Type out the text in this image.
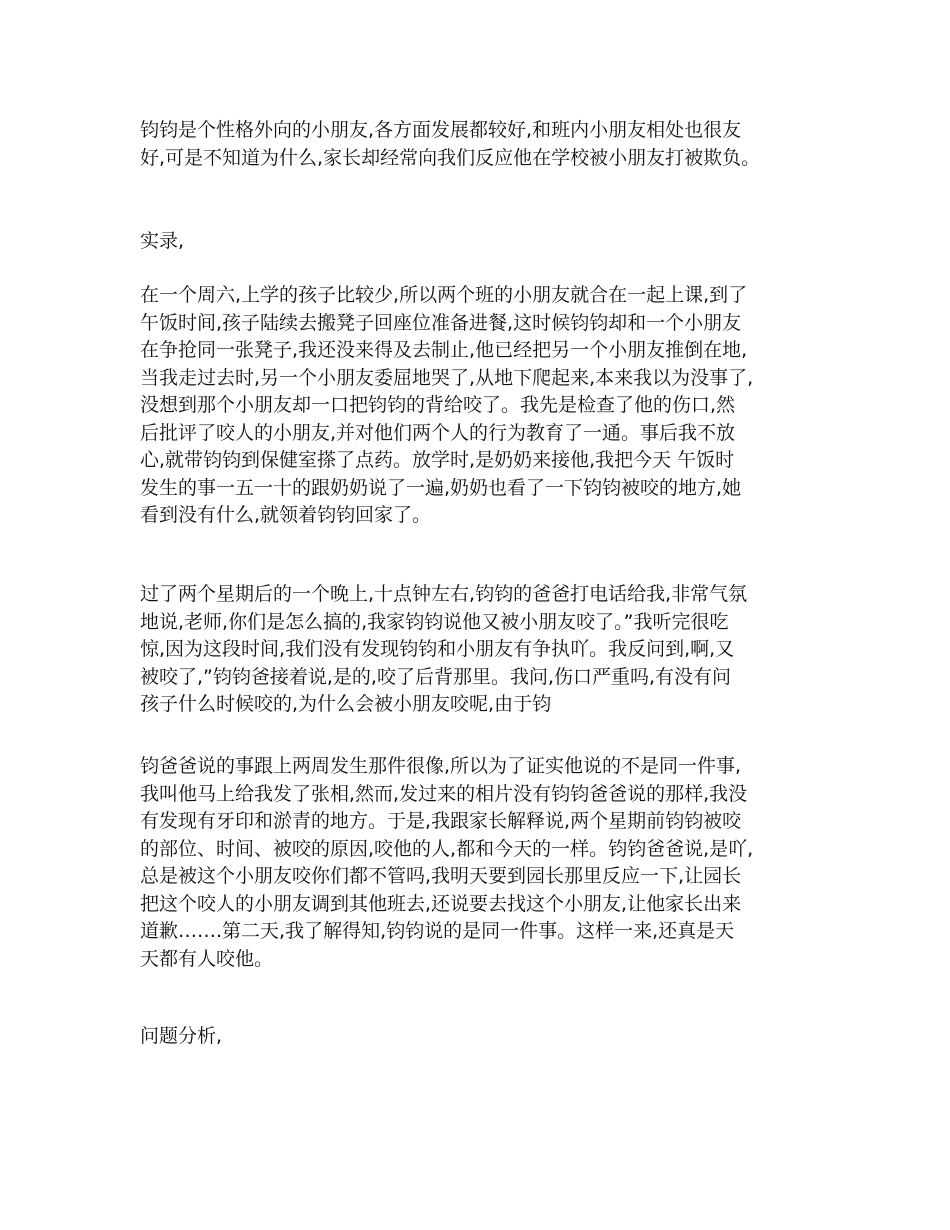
钧钧是个性格外向的小朋友,各方面发展都较好,和班内小朋友相处也很友
好,可是不知道为什么,家长却经常向我们反应他在学校被小朋友打被欺负。

实录,

在一个周六,上学的孩子比较少,所以两个班的小朋友就合在一起上课,到了
午饭时间,孩子陆续去搬凳子回座位准备进餐,这时候钧钧却和一个小朋友
在争抢同一张凳子,我还没来得及去制止,他已经把另一个小朋友推倒在地,
当我走过去时,另一个小朋友委屈地哭了,从地下爬起来,本来我以为没事了,
没想到那个小朋友却一口把钧钧的背给咬了。我先是检查了他的伤口,然
后批评了咬人的小朋友,并对他们两个人的行为教育了一通。事后我不放
心,就带钧钧到保健室搽了点药。放学时,是奶奶来接他,我把今天 午饭时
发生的事一五一十的跟奶奶说了一遍,奶奶也看了一下钧钧被咬的地方,她
看到没有什么,就领着钧钧回家了。

过了两个星期后的一个晚上,十点钟左右,钧钧的爸爸打电话给我,非常气氛
地说,老师,你们是怎么搞的,我家钧钧说他又被小朋友咬了。”我听完很吃
惊,因为这段时间,我们没有发现钧钧和小朋友有争执吖。我反问到,啊,又
被咬了,”钧钧爸接着说,是的,咬了后背那里。我问,伤口严重吗,有没有问
孩子什么时候咬的,为什么会被小朋友咬呢,由于钧

钧爸爸说的事跟上两周发生那件很像,所以为了证实他说的不是同一件事,
我叫他马上给我发了张相,然而,发过来的相片没有钧钧爸爸说的那样,我没
有发现有牙印和淤青的地方。于是,我跟家长解释说,两个星期前钧钧被咬
的部位、时间、被咬的原因,咬他的人,都和今天的一样。钧钧爸爸说,是吖,
总是被这个小朋友咬你们都不管吗,我明天要到园长那里反应一下,让园长
把这个咬人的小朋友调到其他班去,还说要去找这个小朋友,让他家长出来
道歉…….第二天,我了解得知,钧钧说的是同一件事。这样一来,还真是天
天都有人咬他。

问题分析,
